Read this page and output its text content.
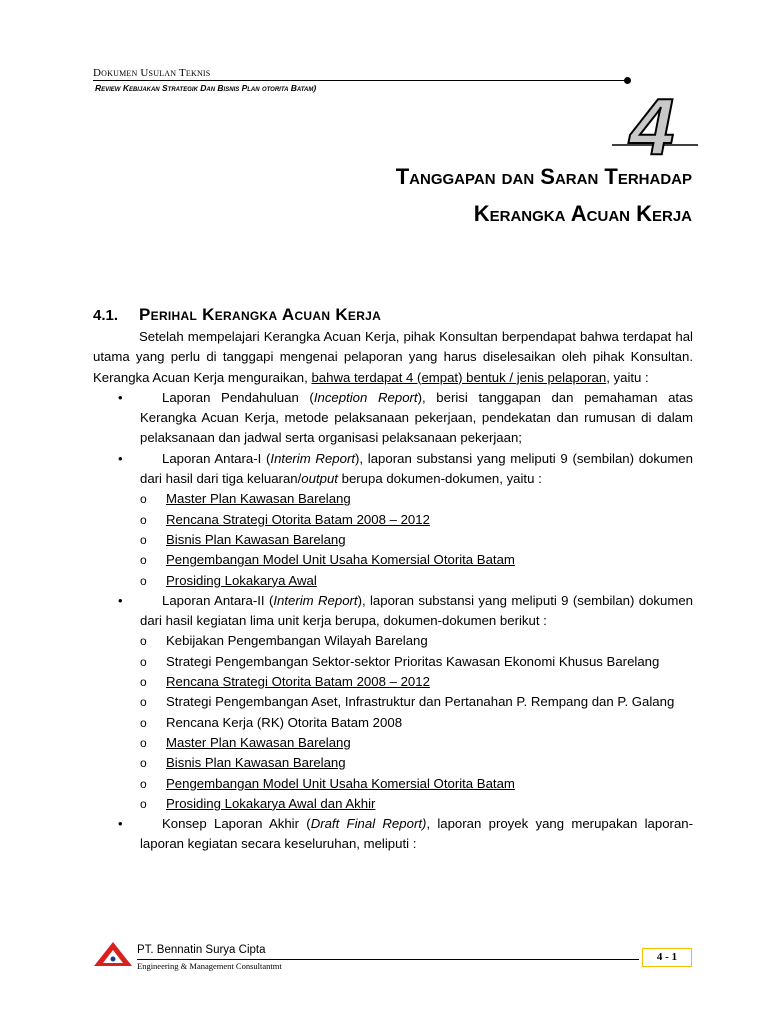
Dokumen Usulan Teknis
Review Kebijakan Strategik Dan Bisnis Plan otorita Batam)	4
Tanggapan dan Saran Terhadap
Kerangka Acuan Kerja
4.1. Perihal Kerangka Acuan Kerja

Setelah mempelajari Kerangka Acuan Kerja, pihak Konsultan berpendapat bahwa terdapat hal utama yang perlu di tanggapi mengenai pelaporan yang harus diselesaikan oleh pihak Konsultan. Kerangka Acuan Kerja menguraikan, bahwa terdapat 4 (empat) bentuk / jenis pelaporan, yaitu :

•	Laporan Pendahuluan (Inception Report), berisi tanggapan dan pemahaman atas Kerangka Acuan Kerja, metode pelaksanaan pekerjaan, pendekatan dan rumusan di dalam pelaksanaan dan jadwal serta organisasi pelaksanaan pekerjaan;
•	Laporan Antara-I (Interim Report), laporan substansi yang meliputi 9 (sembilan) dokumen dari hasil dari tiga keluaran/output berupa dokumen-dokumen, yaitu :
o Master Plan Kawasan Barelang
o Rencana Strategi Otorita Batam 2008 – 2012
o Bisnis Plan Kawasan Barelang
o Pengembangan Model Unit Usaha Komersial Otorita Batam
o Prosiding Lokakarya Awal
•	Laporan Antara-II (Interim Report), laporan substansi yang meliputi 9 (sembilan) dokumen dari hasil kegiatan lima unit kerja berupa, dokumen-dokumen berikut :
o Kebijakan Pengembangan Wilayah Barelang
o Strategi Pengembangan Sektor-sektor Prioritas Kawasan Ekonomi Khusus Barelang
o Rencana Strategi Otorita Batam 2008 – 2012
o Strategi Pengembangan Aset, Infrastruktur dan Pertanahan P. Rempang dan P. Galang
o Rencana Kerja (RK) Otorita Batam 2008
o Master Plan Kawasan Barelang
o Bisnis Plan Kawasan Barelang
o Pengembangan Model Unit Usaha Komersial Otorita Batam
o Prosiding Lokakarya Awal dan Akhir
•	Konsep Laporan Akhir (Draft Final Report), laporan proyek yang merupakan laporan-laporan kegiatan secara keseluruhan, meliputi :
PT. Bennatin Surya Cipta
Engineering & Management Consultantmt
4 - 1
